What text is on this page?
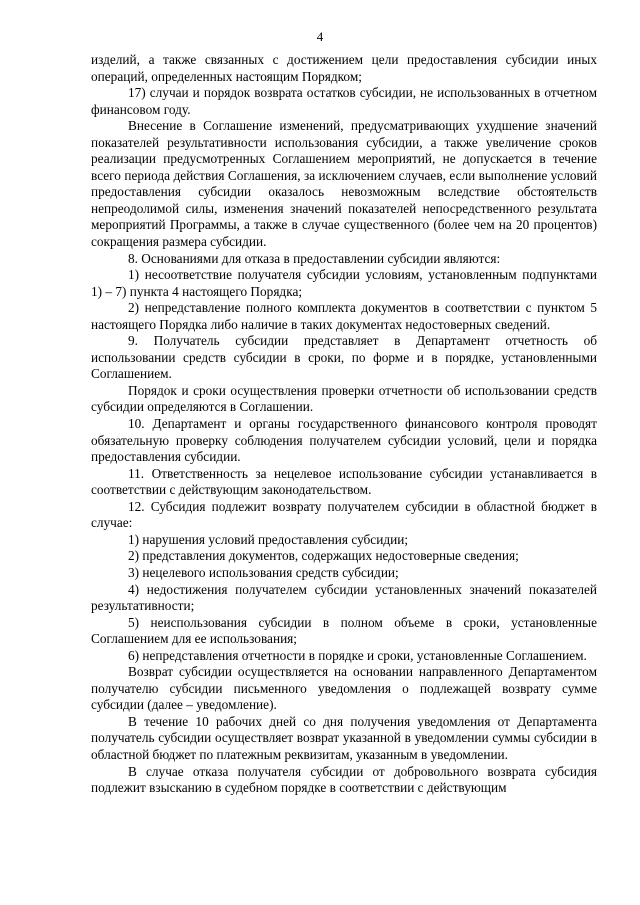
4

изделий, а также связанных с достижением цели предоставления субсидии иных операций, определенных настоящим Порядком;

17) случаи и порядок возврата остатков субсидии, не использованных в отчетном финансовом году.

Внесение в Соглашение изменений, предусматривающих ухудшение значений показателей результативности использования субсидии, а также увеличение сроков реализации предусмотренных Соглашением мероприятий, не допускается в течение всего периода действия Соглашения, за исключением случаев, если выполнение условий предоставления субсидии оказалось невозможным вследствие обстоятельств непреодолимой силы, изменения значений показателей непосредственного результата мероприятий Программы, а также в случае существенного (более чем на 20 процентов) сокращения размера субсидии.

8. Основаниями для отказа в предоставлении субсидии являются:

1) несоответствие получателя субсидии условиям, установленным подпунктами 1) – 7) пункта 4 настоящего Порядка;

2) непредставление полного комплекта документов в соответствии с пунктом 5 настоящего Порядка либо наличие в таких документах недостоверных сведений.

9. Получатель субсидии представляет в Департамент отчетность об использовании средств субсидии в сроки, по форме и в порядке, установленными Соглашением.

Порядок и сроки осуществления проверки отчетности об использовании средств субсидии определяются в Соглашении.

10. Департамент и органы государственного финансового контроля проводят обязательную проверку соблюдения получателем субсидии условий, цели и порядка предоставления субсидии.

11. Ответственность за нецелевое использование субсидии устанавливается в соответствии с действующим законодательством.

12. Субсидия подлежит возврату получателем субсидии в областной бюджет в случае:

1) нарушения условий предоставления субсидии;

2) представления документов, содержащих недостоверные сведения;

3) нецелевого использования средств субсидии;

4) недостижения получателем субсидии установленных значений показателей результативности;

5) неиспользования субсидии в полном объеме в сроки, установленные Соглашением для ее использования;

6) непредставления отчетности в порядке и сроки, установленные Соглашением.

Возврат субсидии осуществляется на основании направленного Департаментом получателю субсидии письменного уведомления о подлежащей возврату сумме субсидии (далее – уведомление).

В течение 10 рабочих дней со дня получения уведомления от Департамента получатель субсидии осуществляет возврат указанной в уведомлении суммы субсидии в областной бюджет по платежным реквизитам, указанным в уведомлении.

В случае отказа получателя субсидии от добровольного возврата субсидия подлежит взысканию в судебном порядке в соответствии с действующим
